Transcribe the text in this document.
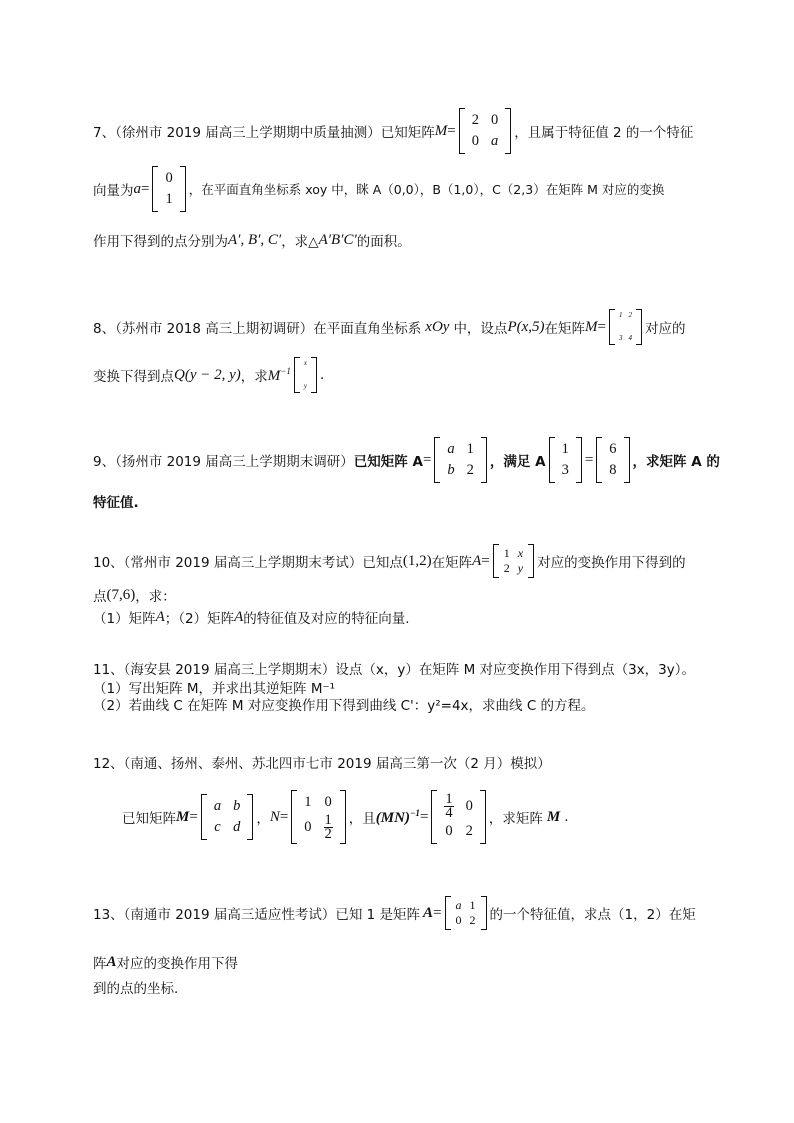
7、（徐州市 2019 届高三上学期期中质量抽测）已知矩阵 M =
2	0
0	a ，且属于特征值 2 的一个特征
向量为 a =
0
1
，在平面直角坐标系 xoy 中，眯 A（0,0），B（1,0），C（2,3）在矩阵 M 对应的变换
作用下得到的点分别为 A′, B′, C′ ，求△ A′B′C′ 的面积。
8、（苏州市 2018 高三上期初调研）在平面直角坐标系 xOy 中，设点 P(x,5) 在矩阵 M =
1	2

3	4
对应的
变换下得到点 Q(y − 2, y) ，求 $M^{-1}$
x

y
.
9、（扬州市 2019 届高三上学期期末调研） 已知矩阵 A =
a	1
b	2 ，满足 A
1
3
=
6
8 ，求矩阵 A 的
特征值.
10、（常州市 2019 届高三上学期期末考试）已知点 (1,2) 在矩阵 A = 1	x
2	y 对应的变换作用下得到的
点 (7,6) ，求：
（1）矩阵 A ；（2）矩阵 A 的特征值及对应的特征向量.
11、（海安县 2019 届高三上学期期末）设点（x，y）在矩阵 M 对应变换作用下得到点（3x，3y）。
（1）写出矩阵 M，并求出其逆矩阵 M⁻¹
（2）若曲线 C 在矩阵 M 对应变换作用下得到曲线 C'：y²=4x，求曲线 C 的方程。
12、（南通、扬州、泰州、苏北四市七市 2019 届高三第一次（2 月）模拟）
已知矩阵 M =
a	b
c	d ， N =
1	0
0	$\frac{1}{2}$ ，且 $(MN)^{-1} = \frac{1}{4}$	0
0	2
，求矩阵 M .
13、（南通市 2019 届高三适应性考试）已知 1 是矩阵 A = a	1
0	2 的一个特征值，求点（1，2）在矩
阵 A 对应的变换作用下得
到的点的坐标.
